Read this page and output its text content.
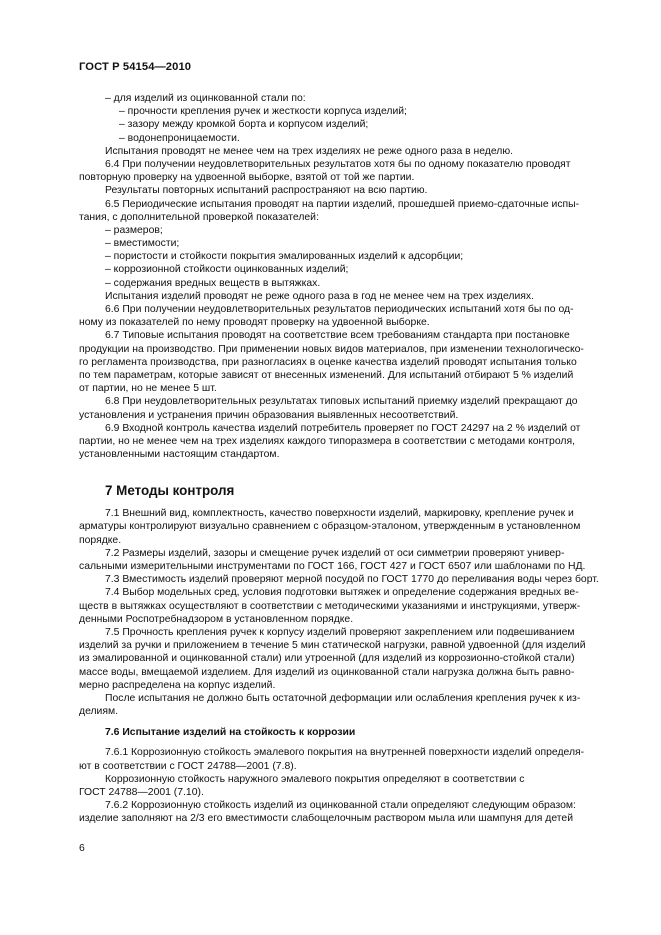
ГОСТ Р 54154—2010
– для изделий из оцинкованной стали по:
– прочности крепления ручек и жесткости корпуса изделий;
– зазору между кромкой борта и корпусом изделий;
– водонепроницаемости.
Испытания проводят не менее чем на трех изделиях не реже одного раза в неделю.
6.4 При получении неудовлетворительных результатов хотя бы по одному показателю проводят
повторную проверку на удвоенной выборке, взятой от той же партии.
Результаты повторных испытаний распространяют на всю партию.
6.5 Периодические испытания проводят на партии изделий, прошедшей приемо-сдаточные испы-
тания, с дополнительной проверкой показателей:
– размеров;
– вместимости;
– пористости и стойкости покрытия эмалированных изделий к адсорбции;
– коррозионной стойкости оцинкованных изделий;
– содержания вредных веществ в вытяжках.
Испытания изделий проводят не реже одного раза в год не менее чем на трех изделиях.
6.6 При получении неудовлетворительных результатов периодических испытаний хотя бы по од-
ному из показателей по нему проводят проверку на удвоенной выборке.
6.7 Типовые испытания проводят на соответствие всем требованиям стандарта при постановке
продукции на производство. При применении новых видов материалов, при изменении технологическо-
го регламента производства, при разногласиях в оценке качества изделий проводят испытания только
по тем параметрам, которые зависят от внесенных изменений. Для испытаний отбирают 5 % изделий
от партии, но не менее 5 шт.
6.8 При неудовлетворительных результатах типовых испытаний приемку изделий прекращают до
установления и устранения причин образования выявленных несоответствий.
6.9 Входной контроль качества изделий потребитель проверяет по ГОСТ 24297 на 2 % изделий от
партии, но не менее чем на трех изделиях каждого типоразмера в соответствии с методами контроля,
установленными настоящим стандартом.
7 Методы контроля
7.1 Внешний вид, комплектность, качество поверхности изделий, маркировку, крепление ручек и
арматуры контролируют визуально сравнением с образцом-эталоном, утвержденным в установленном
порядке.
7.2 Размеры изделий, зазоры и смещение ручек изделий от оси симметрии проверяют универ-
сальными измерительными инструментами по ГОСТ 166, ГОСТ 427 и ГОСТ 6507 или шаблонами по НД.
7.3 Вместимость изделий проверяют мерной посудой по ГОСТ 1770 до переливания воды через борт.
7.4 Выбор модельных сред, условия подготовки вытяжек и определение содержания вредных ве-
ществ в вытяжках осуществляют в соответствии с методическими указаниями и инструкциями, утверж-
денными Роспотребнадзором в установленном порядке.
7.5 Прочность крепления ручек к корпусу изделий проверяют закреплением или подвешиванием
изделий за ручки и приложением в течение 5 мин статической нагрузки, равной удвоенной (для изделий
из эмалированной и оцинкованной стали) или утроенной (для изделий из коррозионно-стойкой стали)
массе воды, вмещаемой изделием. Для изделий из оцинкованной стали нагрузка должна быть равно-
мерно распределена на корпус изделий.
После испытания не должно быть остаточной деформации или ослабления крепления ручек к из-
делиям.
7.6 Испытание изделий на стойкость к коррозии
7.6.1 Коррозионную стойкость эмалевого покрытия на внутренней поверхности изделий определя-
ют в соответствии с ГОСТ 24788—2001 (7.8).
Коррозионную стойкость наружного эмалевого покрытия определяют в соответствии с
ГОСТ 24788—2001 (7.10).
7.6.2 Коррозионную стойкость изделий из оцинкованной стали определяют следующим образом:
изделие заполняют на 2/3 его вместимости слабощелочным раствором мыла или шампуня для детей
6
